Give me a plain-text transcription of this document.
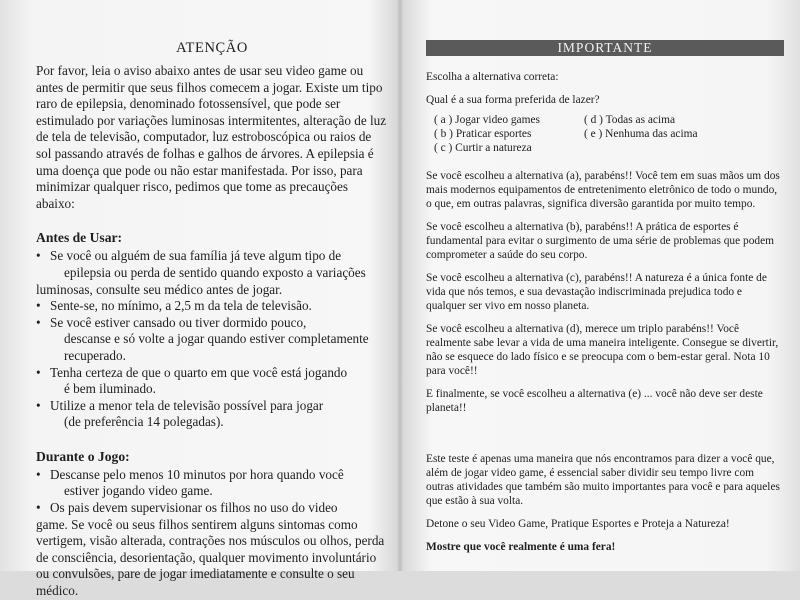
ATENÇÃO

Por favor, leia o aviso abaixo antes de usar seu video game ou antes de permitir que seus filhos comecem a jogar. Existe um tipo raro de epilepsia, denominado fotossensível, que pode ser estimulado por variações luminosas intermitentes, alteração de luz de tela de televisão, computador, luz estroboscópica ou raios de sol passando através de folhas e galhos de árvores. A epilepsia é uma doença que pode ou não estar manifestada. Por isso, para minimizar qualquer risco, pedimos que tome as precauções abaixo:

Antes de Usar:
• Se você ou alguém de sua família já teve algum tipo de
epilepsia ou perda de sentido quando exposto a variações
luminosas, consulte seu médico antes de jogar.
• Sente-se, no mínimo, a 2,5 m da tela de televisão.
• Se você estiver cansado ou tiver dormido pouco,
descanse e só volte a jogar quando estiver completamente recuperado.
• Tenha certeza de que o quarto em que você está jogando
é bem iluminado.
• Utilize a menor tela de televisão possível para jogar
(de preferência 14 polegadas).
Durante o Jogo:
• Descanse pelo menos 10 minutos por hora quando você
estiver jogando video game.
• Os pais devem supervisionar os filhos no uso do video
game. Se você ou seus filhos sentirem alguns sintomas como vertigem, visão alterada, contrações nos músculos ou olhos, perda de consciência, desorientação, qualquer movimento involuntário ou convulsões, pare de jogar imediatamente e consulte o seu médico.
IMPORTANTE

Escolha a alternativa correta:

Qual é a sua forma preferida de lazer?

( a ) Jogar video games	( d ) Todas as acima
( b ) Praticar esportes	( e ) Nenhuma das acima
( c ) Curtir a natureza

Se você escolheu a alternativa (a), parabéns!! Você tem em suas mãos um dos mais modernos equipamentos de entretenimento eletrônico de todo o mundo, o que, em outras palavras, significa diversão garantida por muito tempo.

Se você escolheu a alternativa (b), parabéns!! A prática de esportes é fundamental para evitar o surgimento de uma série de problemas que podem comprometer a saúde do seu corpo.

Se você escolheu a alternativa (c), parabéns!! A natureza é a única fonte de vida que nós temos, e sua devastação indiscriminada prejudica todo e qualquer ser vivo em nosso planeta.

Se você escolheu a alternativa (d), merece um triplo parabéns!! Você realmente sabe levar a vida de uma maneira inteligente. Consegue se divertir, não se esquece do lado físico e se preocupa com o bem-estar geral. Nota 10 para você!!

E finalmente, se você escolheu a alternativa (e) ... você não deve ser deste planeta!!

Este teste é apenas uma maneira que nós encontramos para dizer a você que, além de jogar video game, é essencial saber dividir seu tempo livre com outras atividades que também são muito importantes para você e para aqueles que estão à sua volta.

Detone o seu Video Game, Pratique Esportes e Proteja a Natureza!

Mostre que você realmente é uma fera!
